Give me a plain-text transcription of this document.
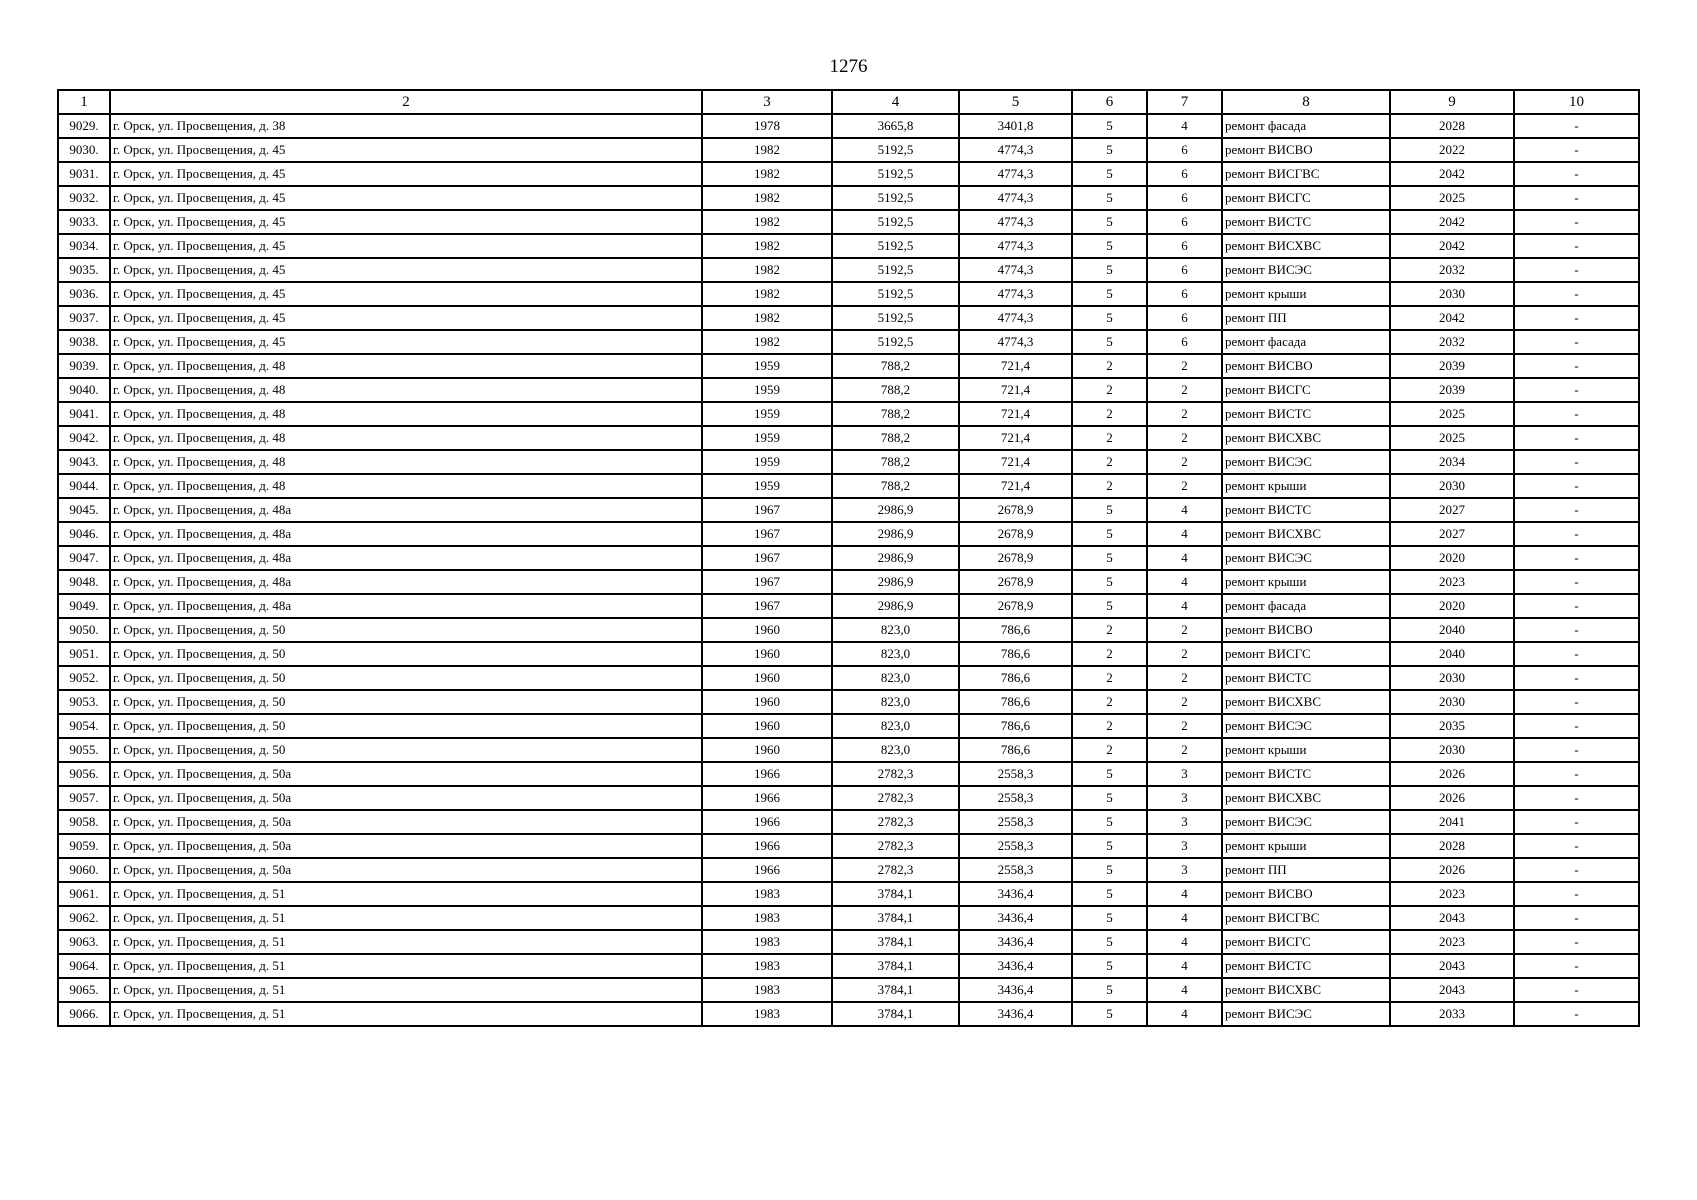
1276
1	2	3	4	5	6	7	8	9	10
9029.	г. Орск, ул. Просвещения, д. 38	1978	3665,8	3401,8	5	4	ремонт фасада	2028	-
9030.	г. Орск, ул. Просвещения, д. 45	1982	5192,5	4774,3	5	6	ремонт ВИСВО	2022	-
9031.	г. Орск, ул. Просвещения, д. 45	1982	5192,5	4774,3	5	6	ремонт ВИСГВС	2042	-
9032.	г. Орск, ул. Просвещения, д. 45	1982	5192,5	4774,3	5	6	ремонт ВИСГС	2025	-
9033.	г. Орск, ул. Просвещения, д. 45	1982	5192,5	4774,3	5	6	ремонт ВИСТС	2042	-
9034.	г. Орск, ул. Просвещения, д. 45	1982	5192,5	4774,3	5	6	ремонт ВИСХВС	2042	-
9035.	г. Орск, ул. Просвещения, д. 45	1982	5192,5	4774,3	5	6	ремонт ВИСЭС	2032	-
9036.	г. Орск, ул. Просвещения, д. 45	1982	5192,5	4774,3	5	6	ремонт крыши	2030	-
9037.	г. Орск, ул. Просвещения, д. 45	1982	5192,5	4774,3	5	6	ремонт ПП	2042	-
9038.	г. Орск, ул. Просвещения, д. 45	1982	5192,5	4774,3	5	6	ремонт фасада	2032	-
9039.	г. Орск, ул. Просвещения, д. 48	1959	788,2	721,4	2	2	ремонт ВИСВО	2039	-
9040.	г. Орск, ул. Просвещения, д. 48	1959	788,2	721,4	2	2	ремонт ВИСГС	2039	-
9041.	г. Орск, ул. Просвещения, д. 48	1959	788,2	721,4	2	2	ремонт ВИСТС	2025	-
9042.	г. Орск, ул. Просвещения, д. 48	1959	788,2	721,4	2	2	ремонт ВИСХВС	2025	-
9043.	г. Орск, ул. Просвещения, д. 48	1959	788,2	721,4	2	2	ремонт ВИСЭС	2034	-
9044.	г. Орск, ул. Просвещения, д. 48	1959	788,2	721,4	2	2	ремонт крыши	2030	-
9045.	г. Орск, ул. Просвещения, д. 48а	1967	2986,9	2678,9	5	4	ремонт ВИСТС	2027	-
9046.	г. Орск, ул. Просвещения, д. 48а	1967	2986,9	2678,9	5	4	ремонт ВИСХВС	2027	-
9047.	г. Орск, ул. Просвещения, д. 48а	1967	2986,9	2678,9	5	4	ремонт ВИСЭС	2020	-
9048.	г. Орск, ул. Просвещения, д. 48а	1967	2986,9	2678,9	5	4	ремонт крыши	2023	-
9049.	г. Орск, ул. Просвещения, д. 48а	1967	2986,9	2678,9	5	4	ремонт фасада	2020	-
9050.	г. Орск, ул. Просвещения, д. 50	1960	823,0	786,6	2	2	ремонт ВИСВО	2040	-
9051.	г. Орск, ул. Просвещения, д. 50	1960	823,0	786,6	2	2	ремонт ВИСГС	2040	-
9052.	г. Орск, ул. Просвещения, д. 50	1960	823,0	786,6	2	2	ремонт ВИСТС	2030	-
9053.	г. Орск, ул. Просвещения, д. 50	1960	823,0	786,6	2	2	ремонт ВИСХВС	2030	-
9054.	г. Орск, ул. Просвещения, д. 50	1960	823,0	786,6	2	2	ремонт ВИСЭС	2035	-
9055.	г. Орск, ул. Просвещения, д. 50	1960	823,0	786,6	2	2	ремонт крыши	2030	-
9056.	г. Орск, ул. Просвещения, д. 50а	1966	2782,3	2558,3	5	3	ремонт ВИСТС	2026	-
9057.	г. Орск, ул. Просвещения, д. 50а	1966	2782,3	2558,3	5	3	ремонт ВИСХВС	2026	-
9058.	г. Орск, ул. Просвещения, д. 50а	1966	2782,3	2558,3	5	3	ремонт ВИСЭС	2041	-
9059.	г. Орск, ул. Просвещения, д. 50а	1966	2782,3	2558,3	5	3	ремонт крыши	2028	-
9060.	г. Орск, ул. Просвещения, д. 50а	1966	2782,3	2558,3	5	3	ремонт ПП	2026	-
9061.	г. Орск, ул. Просвещения, д. 51	1983	3784,1	3436,4	5	4	ремонт ВИСВО	2023	-
9062.	г. Орск, ул. Просвещения, д. 51	1983	3784,1	3436,4	5	4	ремонт ВИСГВС	2043	-
9063.	г. Орск, ул. Просвещения, д. 51	1983	3784,1	3436,4	5	4	ремонт ВИСГС	2023	-
9064.	г. Орск, ул. Просвещения, д. 51	1983	3784,1	3436,4	5	4	ремонт ВИСТС	2043	-
9065.	г. Орск, ул. Просвещения, д. 51	1983	3784,1	3436,4	5	4	ремонт ВИСХВС	2043	-
9066.	г. Орск, ул. Просвещения, д. 51	1983	3784,1	3436,4	5	4	ремонт ВИСЭС	2033	-
